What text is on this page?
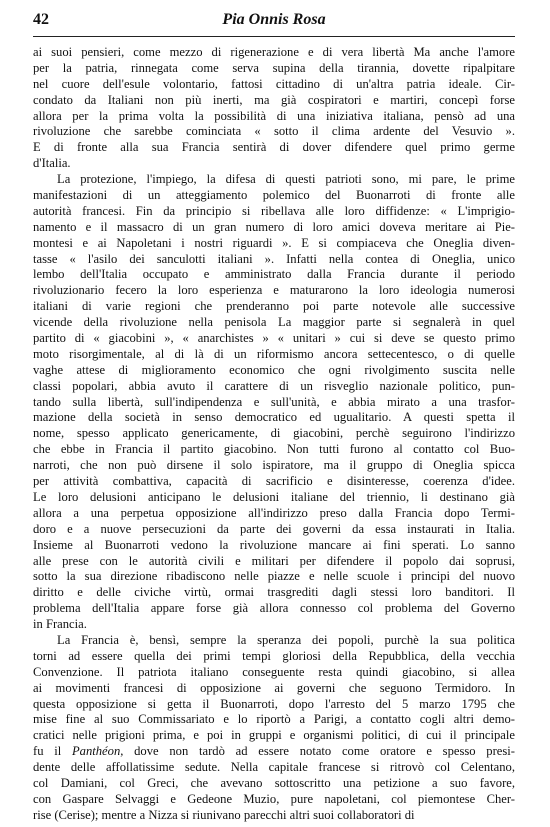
42	Pia Onnis Rosa
ai suoi pensieri, come mezzo di rigenerazione e di vera libertà Ma anche l'amore
per la patria, rinnegata come serva supina della tirannia, dovette ripalpitare
nel cuore dell'esule volontario, fattosi cittadino di un'altra patria ideale. Cir-
condato da Italiani non più inerti, ma già cospiratori e martiri, concepì forse
allora per la prima volta la possibilità di una iniziativa italiana, pensò ad una
rivoluzione che sarebbe cominciata « sotto il clima ardente del Vesuvio ».
E di fronte alla sua Francia sentirà di dover difendere quel primo germe
d'Italia.
La protezione, l'impiego, la difesa di questi patrioti sono, mi pare, le prime
manifestazioni di un atteggiamento polemico del Buonarroti di fronte alle
autorità francesi. Fin da principio si ribellava alle loro diffidenze: « L'imprigio-
namento e il massacro di un gran numero di loro amici doveva meritare ai Pie-
montesi e ai Napoletani i nostri riguardi ». E si compiaceva che Oneglia diven-
tasse « l'asilo dei sanculotti italiani ». Infatti nella contea di Oneglia, unico
lembo dell'Italia occupato e amministrato dalla Francia durante il periodo
rivoluzionario fecero la loro esperienza e maturarono la loro ideologia numerosi
italiani di varie regioni che prenderanno poi parte notevole alle successive
vicende della rivoluzione nella penisola La maggior parte si segnalerà in quel
partito di « giacobini », « anarchistes » « unitari » cui si deve se questo primo
moto risorgimentale, al di là di un riformismo ancora settecentesco, o di quelle
vaghe attese di miglioramento economico che ogni rivolgimento suscita nelle
classi popolari, abbia avuto il carattere di un risveglio nazionale politico, pun-
tando sulla libertà, sull'indipendenza e sull'unità, e abbia mirato a una trasfor-
mazione della società in senso democratico ed ugualitario. A questi spetta il
nome, spesso applicato genericamente, di giacobini, perchè seguirono l'indirizzo
che ebbe in Francia il partito giacobino. Non tutti furono al contatto col Buo-
narroti, che non può dirsene il solo ispiratore, ma il gruppo di Oneglia spicca
per attività combattiva, capacità di sacrificio e disinteresse, coerenza d'idee.
Le loro delusioni anticipano le delusioni italiane del triennio, li destinano già
allora a una perpetua opposizione all'indirizzo preso dalla Francia dopo Termi-
doro e a nuove persecuzioni da parte dei governi da essa instaurati in Italia.
Insieme al Buonarroti vedono la rivoluzione mancare ai fini sperati. Lo sanno
alle prese con le autorità civili e militari per difendere il popolo dai soprusi,
sotto la sua direzione ribadiscono nelle piazze e nelle scuole i principi del nuovo
diritto e delle civiche virtù, ormai trasgrediti dagli stessi loro banditori. Il
problema dell'Italia appare forse già allora connesso col problema del Governo
in Francia.
La Francia è, bensì, sempre la speranza dei popoli, purchè la sua politica
torni ad essere quella dei primi tempi gloriosi della Repubblica, della vecchia
Convenzione. Il patriota italiano conseguente resta quindi giacobino, si allea
ai movimenti francesi di opposizione ai governi che seguono Termidoro. In
questa opposizione si getta il Buonarroti, dopo l'arresto del 5 marzo 1795 che
mise fine al suo Commissariato e lo riportò a Parigi, a contatto cogli altri demo-
cratici nelle prigioni prima, e poi in gruppi e organismi politici, di cui il principale
fu il Panthéon, dove non tardò ad essere notato come oratore e spesso presi-
dente delle affollatissime sedute. Nella capitale francese si ritrovò col Celentano,
col Damiani, col Greci, che avevano sottoscritto una petizione a suo favore,
con Gaspare Selvaggi e Gedeone Muzio, pure napoletani, col piemontese Cher-
rise (Cerise); mentre a Nizza si riunivano parecchi altri suoi collaboratori di
